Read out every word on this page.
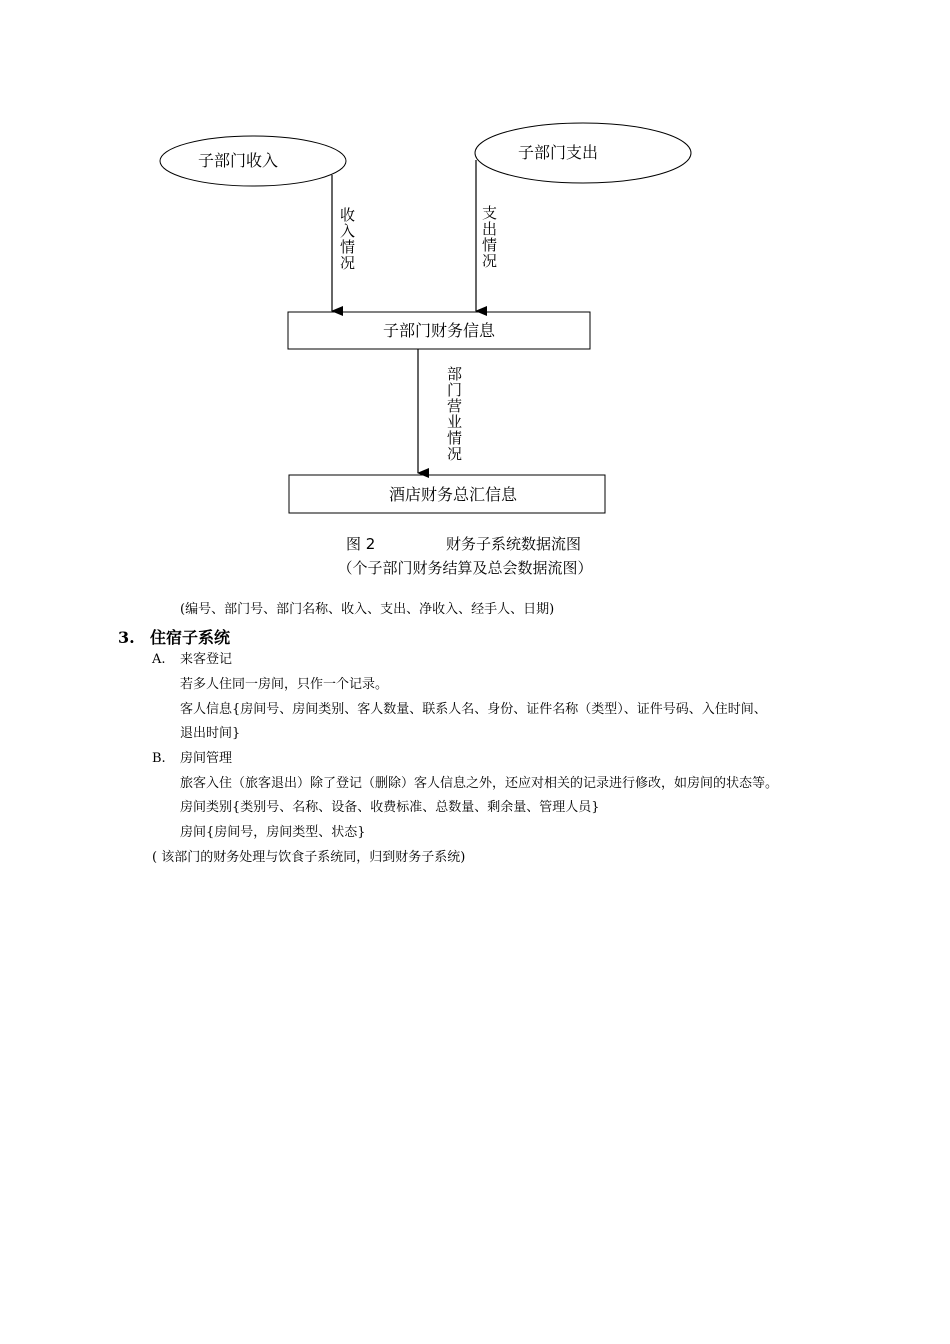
子部门收入	子部门支出
收入情况	支出情况
子部门财务信息
部门营业情况
酒店财务总汇信息
图 2	财务子系统数据流图
（个子部门财务结算及总会数据流图）
(编号、部门号、部门名称、收入、支出、净收入、经手人、日期)
3. 住宿子系统
A. 来客登记
若多人住同一房间，只作一个记录。
客人信息{房间号、房间类别、客人数量、联系人名、身份、证件名称（类型）、证件号码、入住时间、
退出时间}
B. 房间管理
旅客入住（旅客退出）除了登记（删除）客人信息之外，还应对相关的记录进行修改，如房间的状态等。
房间类别{类别号、名称、设备、收费标准、总数量、剩余量、管理人员}
房间{房间号，房间类型、状态}
( 该部门的财务处理与饮食子系统同，归到财务子系统)
